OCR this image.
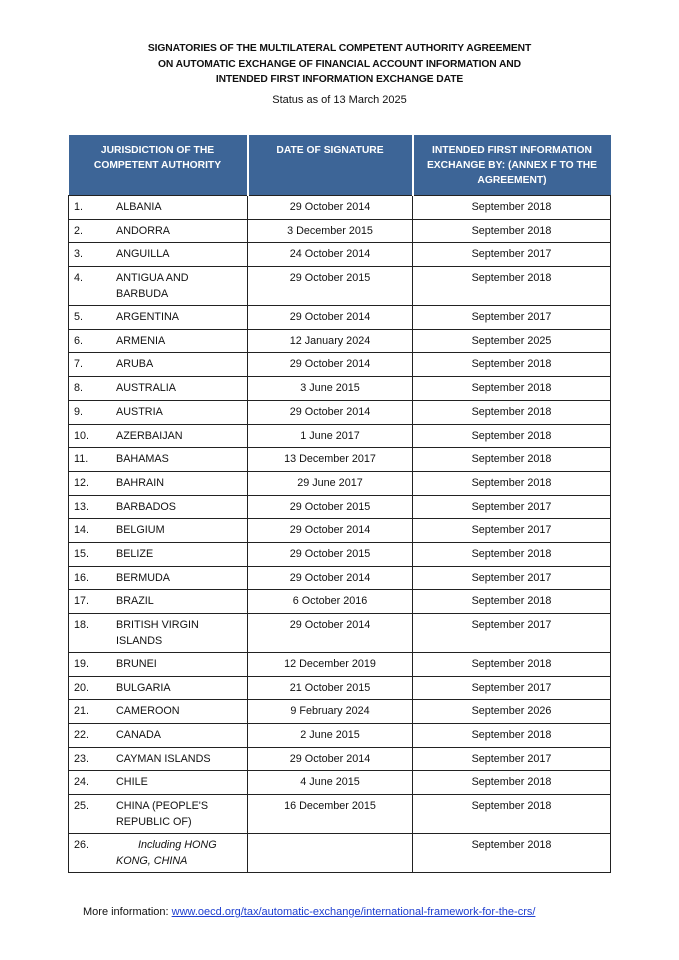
SIGNATORIES OF THE MULTILATERAL COMPETENT AUTHORITY AGREEMENT
ON AUTOMATIC EXCHANGE OF FINANCIAL ACCOUNT INFORMATION AND
INTENDED FIRST INFORMATION EXCHANGE DATE
Status as of 13 March 2025
JURISDICTION OF THE COMPETENT AUTHORITY	DATE OF SIGNATURE	INTENDED FIRST INFORMATION EXCHANGE BY: (ANNEX F TO THE AGREEMENT)
1. ALBANIA	29 October 2014	September 2018
2. ANDORRA	3 December 2015	September 2018
3. ANGUILLA	24 October 2014	September 2017
4. ANTIGUA AND BARBUDA	29 October 2015	September 2018
5. ARGENTINA	29 October 2014	September 2017
6. ARMENIA	12 January 2024	September 2025
7. ARUBA	29 October 2014	September 2018
8. AUSTRALIA	3 June 2015	September 2018
9. AUSTRIA	29 October 2014	September 2018
10. AZERBAIJAN	1 June 2017	September 2018
11. BAHAMAS	13 December 2017	September 2018
12. BAHRAIN	29 June 2017	September 2018
13. BARBADOS	29 October 2015	September 2017
14. BELGIUM	29 October 2014	September 2017
15. BELIZE	29 October 2015	September 2018
16. BERMUDA	29 October 2014	September 2017
17. BRAZIL	6 October 2016	September 2018
18. BRITISH VIRGIN ISLANDS	29 October 2014	September 2017
19. BRUNEI	12 December 2019	September 2018
20. BULGARIA	21 October 2015	September 2017
21. CAMEROON	9 February 2024	September 2026
22. CANADA	2 June 2015	September 2018
23. CAYMAN ISLANDS	29 October 2014	September 2017
24. CHILE	4 June 2015	September 2018
25. CHINA (PEOPLE'S REPUBLIC OF)	16 December 2015	September 2018
26. Including HONG KONG, CHINA		September 2018
More information: www.oecd.org/tax/automatic-exchange/international-framework-for-the-crs/
